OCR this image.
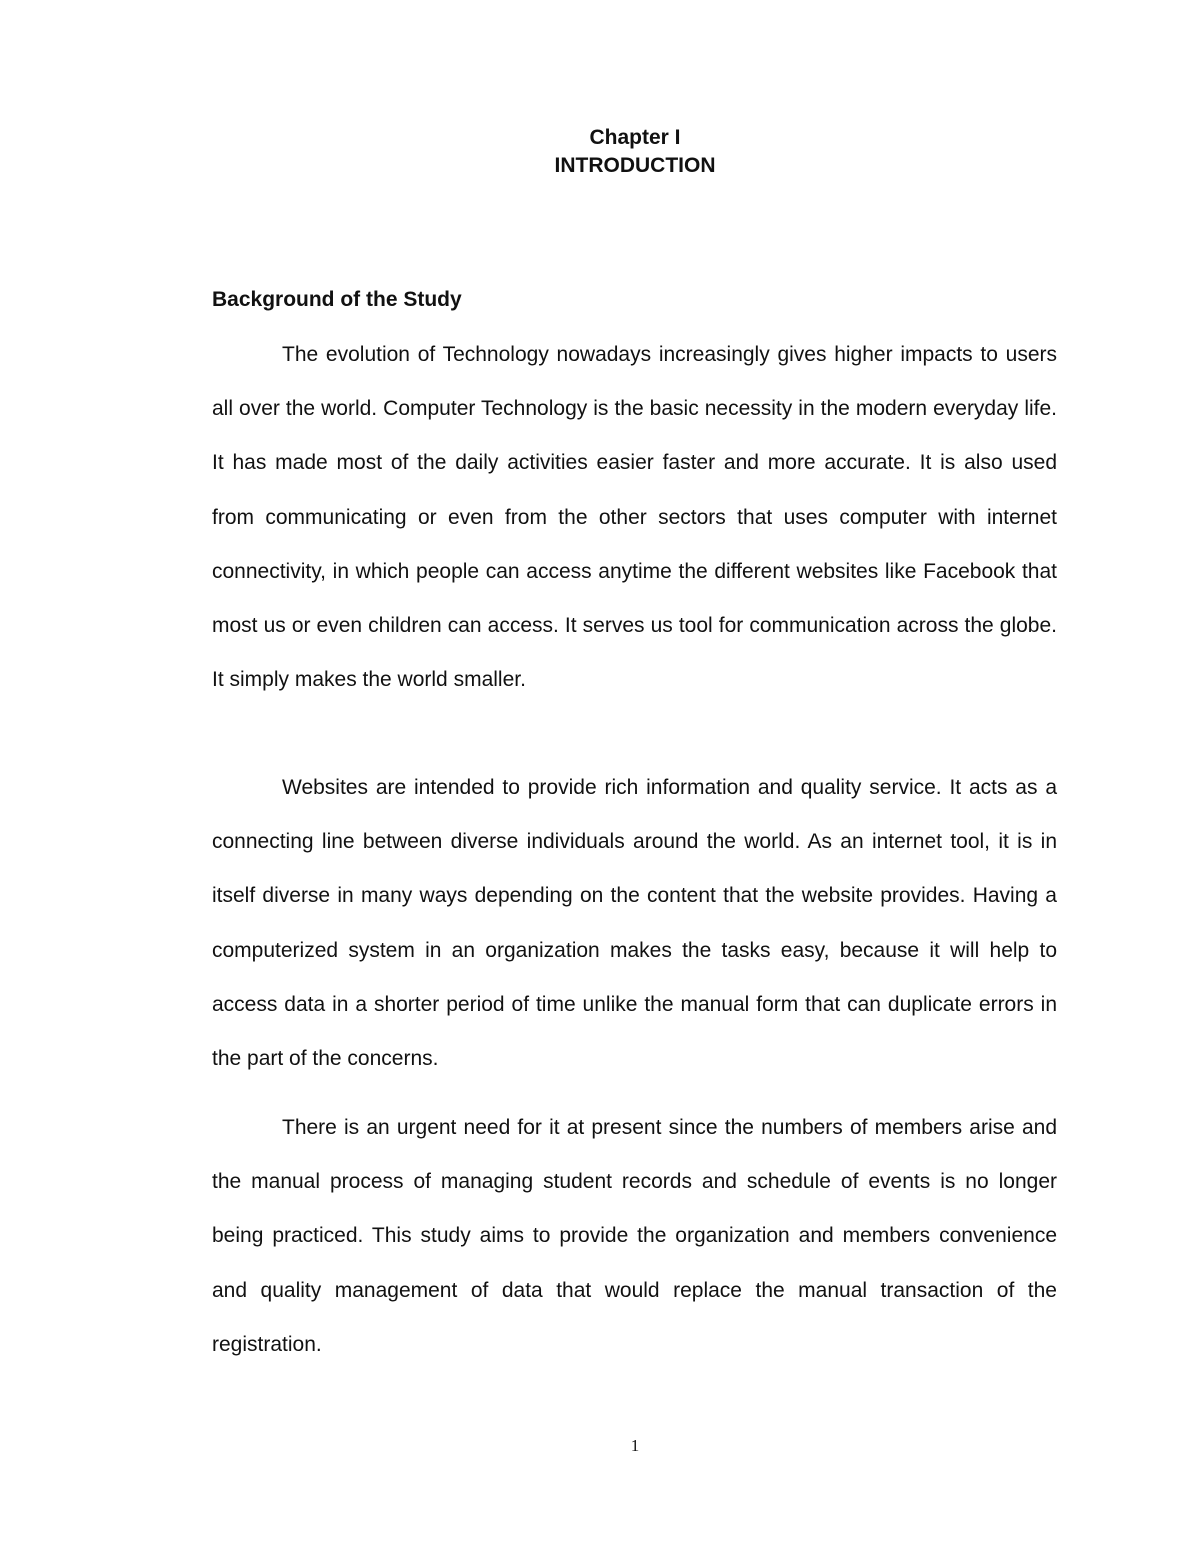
Chapter I
INTRODUCTION
Background of the Study

The evolution of Technology nowadays increasingly gives higher impacts to users all over the world. Computer Technology is the basic necessity in the modern everyday life. It has made most of the daily activities easier faster and more accurate. It is also used from communicating or even from the other sectors that uses computer with internet connectivity, in which people can access anytime the different websites like Facebook that most us or even children can access. It serves us tool for communication across the globe. It simply makes the world smaller.

Websites are intended to provide rich information and quality service. It acts as a connecting line between diverse individuals around the world. As an internet tool, it is in itself diverse in many ways depending on the content that the website provides. Having a computerized system in an organization makes the tasks easy, because it will help to access data in a shorter period of time unlike the manual form that can duplicate errors in the part of the concerns.

There is an urgent need for it at present since the numbers of members arise and the manual process of managing student records and schedule of events is no longer being practiced. This study aims to provide the organization and members convenience and quality management of data that would replace the manual transaction of the registration.

1
